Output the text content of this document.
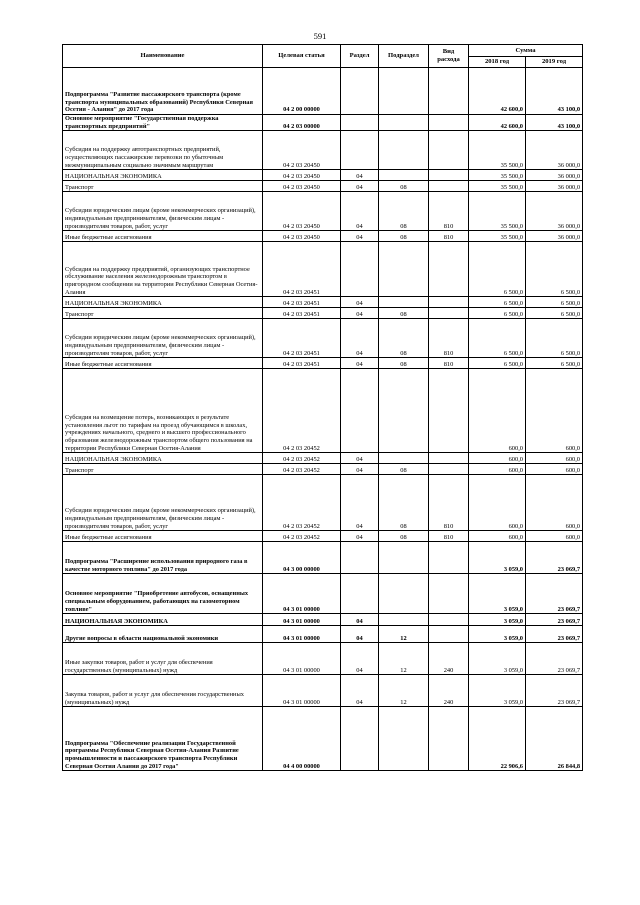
591
Наименование	Целевая статья	Раздел	Подраздел	Вид расхода	Сумма	
					2018 год	2019 год
Подпрограмма "Развитие пассажирского транспорта (кроме транспорта муниципальных образований) Республики Северная Осетия - Алания" до 2017 года	04 2 00 00000				42 600,0	43 100,0
Основное мероприятие "Государственная поддержка транспортных предприятий"	04 2 03 00000				42 600,0	43 100,0
Субсидия на поддержку автотранспортных предприятий, осуществляющих пассажирские перевозки по убыточным межмуниципальным социально значимым маршрутам	04 2 03 20450				35 500,0	36 000,0
НАЦИОНАЛЬНАЯ ЭКОНОМИКА	04 2 03 20450	04			35 500,0	36 000,0
Транспорт	04 2 03 20450	04	08		35 500,0	36 000,0
Субсидии юридическим лицам (кроме некоммерческих организаций), индивидуальным предпринимателям, физическим лицам - производителям товаров, работ, услуг	04 2 03 20450	04	08	810	35 500,0	36 000,0
Иные бюджетные ассигнования	04 2 03 20450	04	08	810	35 500,0	36 000,0
Субсидия на поддержку предприятий, организующих транспортное обслуживание населения железнодорожным транспортом в пригородном сообщении на территории Республики Северная Осетия-Алания	04 2 03 20451				6 500,0	6 500,0
НАЦИОНАЛЬНАЯ ЭКОНОМИКА	04 2 03 20451	04			6 500,0	6 500,0
Транспорт	04 2 03 20451	04	08		6 500,0	6 500,0
Субсидии юридическим лицам (кроме некоммерческих организаций), индивидуальным предпринимателям, физическим лицам - производителям товаров, работ, услуг	04 2 03 20451	04	08	810	6 500,0	6 500,0
Иные бюджетные ассигнования	04 2 03 20451	04	08	810	6 500,0	6 500,0
Субсидия на возмещение потерь, возникающих в результате установления льгот по тарифам на проезд обучающимся в школах, учреждениях начального, среднего и высшего профессионального образования железнодорожным транспортом общего пользования на территории Республики Северная Осетия-Алания	04 2 03 20452				600,0	600,0
НАЦИОНАЛЬНАЯ ЭКОНОМИКА	04 2 03 20452	04			600,0	600,0
Транспорт	04 2 03 20452	04	08		600,0	600,0
Субсидии юридическим лицам (кроме некоммерческих организаций), индивидуальным предпринимателям, физическим лицам - производителям товаров, работ, услуг	04 2 03 20452	04	08	810	600,0	600,0
Иные бюджетные ассигнования	04 2 03 20452	04	08	810	600,0	600,0
Подпрограмма "Расширение использования природного газа в качестве моторного топлива" до 2017 года	04 3 00 00000				3 059,0	23 069,7
Основное мероприятие "Приобретение автобусов, оснащенных специальным оборудованием, работающих на газомоторном топливе"	04 3 01 00000				3 059,0	23 069,7
НАЦИОНАЛЬНАЯ ЭКОНОМИКА	04 3 01 00000	04			3 059,0	23 069,7
Другие вопросы в области национальной экономики	04 3 01 00000	04	12		3 059,0	23 069,7
Иные закупки товаров, работ и услуг для обеспечения государственных (муниципальных) нужд	04 3 01 00000	04	12	240	3 059,0	23 069,7
Закупка товаров, работ и услуг для обеспечения государственных (муниципальных) нужд	04 3 01 00000	04	12	240	3 059,0	23 069,7
Подпрограмма "Обеспечение реализации Государственной программы Республики Северная Осетия-Алания Развитие промышленности и пассажирского транспорта Республики Северная Осетия Алания до 2017 года"	04 4 00 00000				22 906,6	26 844,8
